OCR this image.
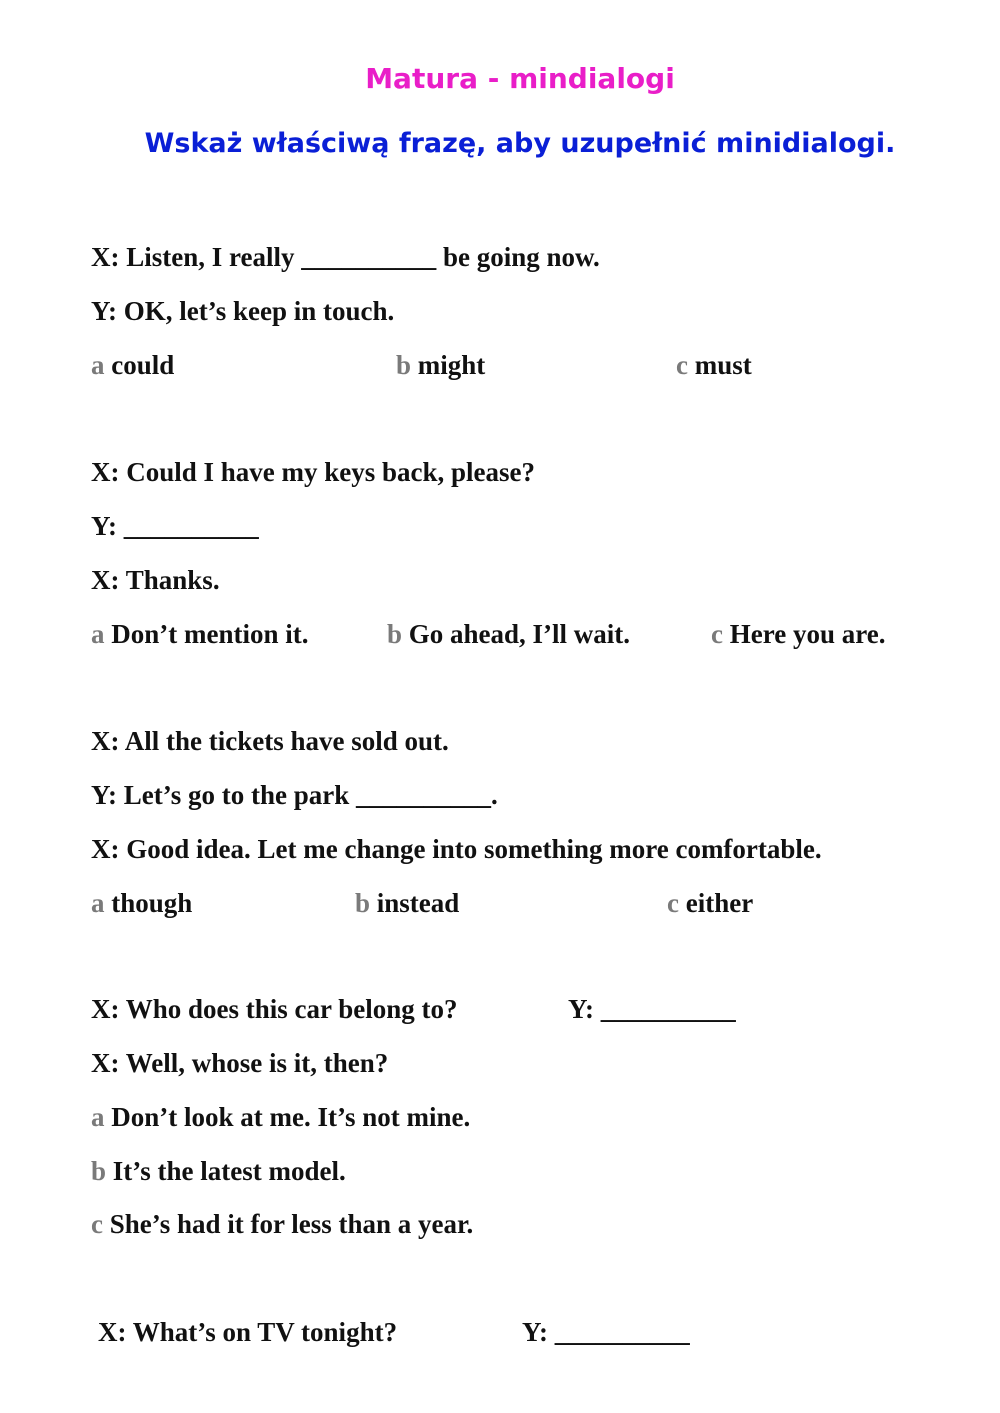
Matura - mindialogi
Wskaż właściwą frazę, aby uzupełnić minidialogi.
X: Listen, I really __________ be going now.
Y: OK, let’s keep in touch.
a could	b might	c must
X: Could I have my keys back, please?
Y: __________
X: Thanks.
a Don’t mention it.	b Go ahead, I’ll wait.	c Here you are.
X: All the tickets have sold out.
Y: Let’s go to the park __________.
X: Good idea. Let me change into something more comfortable.
a though	b instead	c either
X: Who does this car belong to?	Y: __________
X: Well, whose is it, then?
a Don’t look at me. It’s not mine.
b It’s the latest model.
c She’s had it for less than a year.
X: What’s on TV tonight?	Y: __________
